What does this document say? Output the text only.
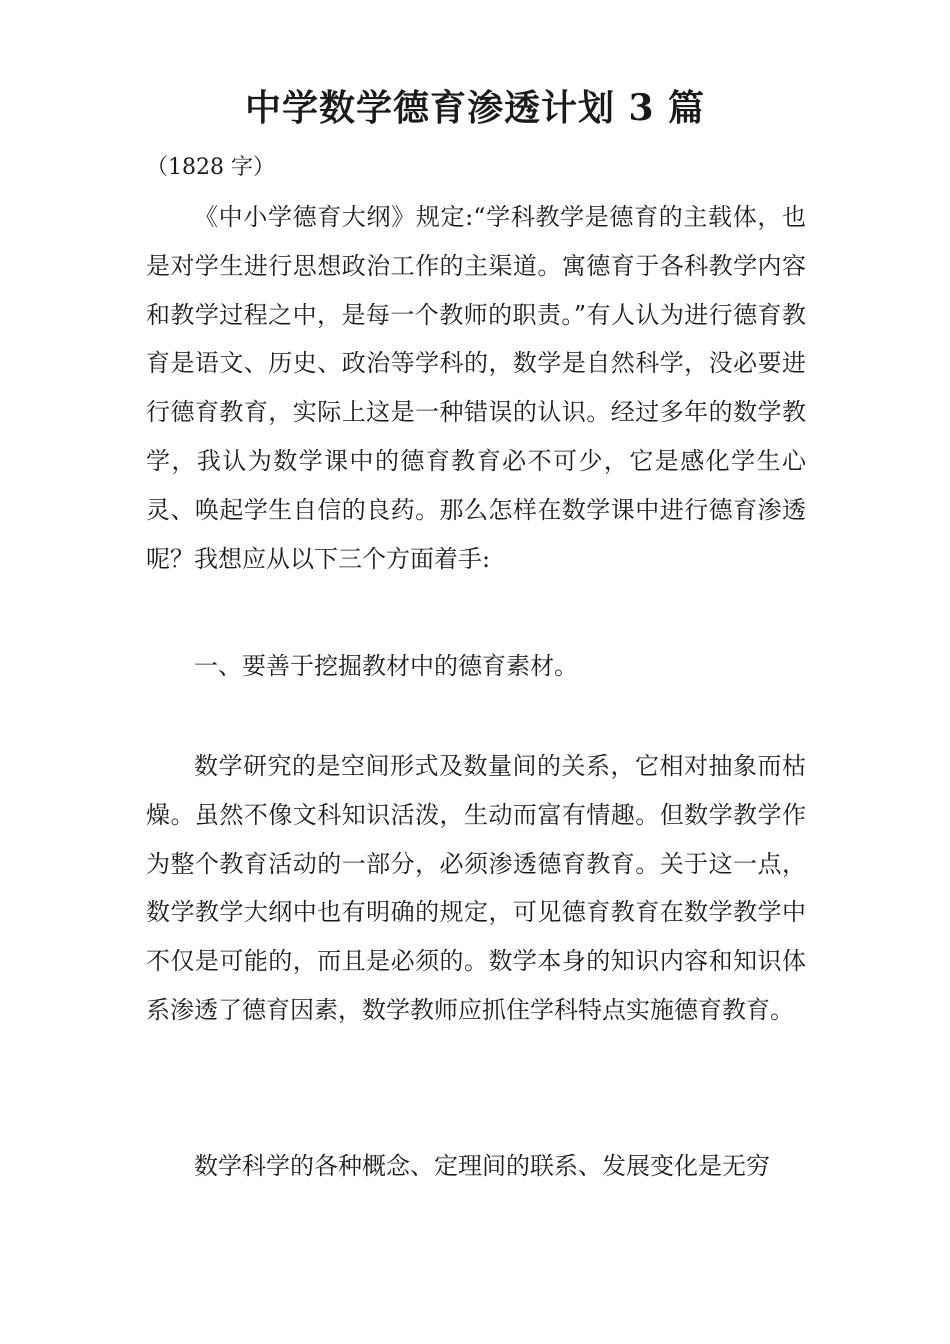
中学数学德育渗透计划 3 篇
（1828 字）

《中小学德育大纲》规定:“学科教学是德育的主载体，也是对学生进行思想政治工作的主渠道。寓德育于各科教学内容和教学过程之中，是每一个教师的职责。”有人认为进行德育教育是语文、历史、政治等学科的，数学是自然科学，没必要进行德育教育，实际上这是一种错误的认识。经过多年的数学教学，我认为数学课中的德育教育必不可少，它是感化学生心灵、唤起学生自信的良药。那么怎样在数学课中进行德育渗透呢？我想应从以下三个方面着手:

一、要善于挖掘教材中的德育素材。

数学研究的是空间形式及数量间的关系，它相对抽象而枯燥。虽然不像文科知识活泼，生动而富有情趣。但数学教学作为整个教育活动的一部分，必须渗透德育教育。关于这一点，数学教学大纲中也有明确的规定，可见德育教育在数学教学中不仅是可能的，而且是必须的。数学本身的知识内容和知识体系渗透了德育因素，数学教师应抓住学科特点实施德育教育。

数学科学的各种概念、定理间的联系、发展变化是无穷
